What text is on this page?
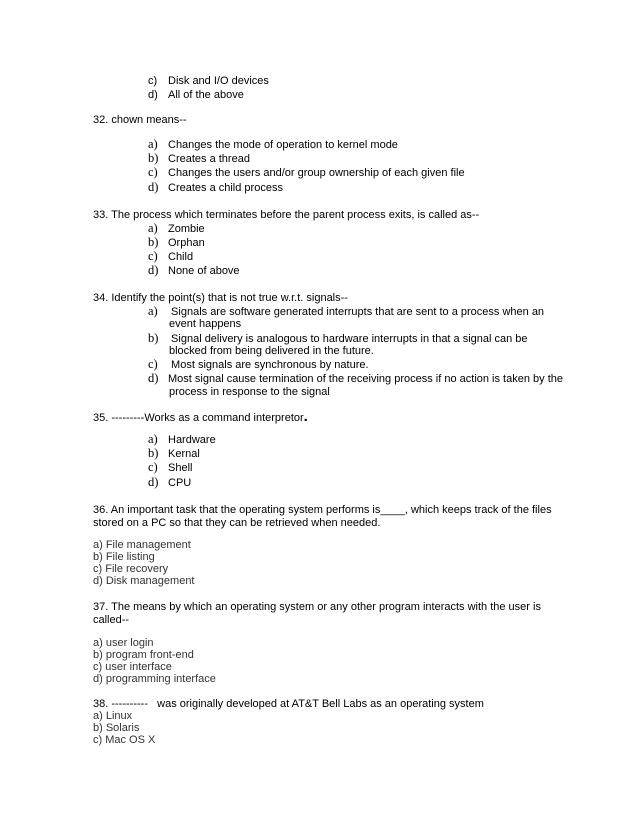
c) Disk and I/O devices
d) All of the above
32. chown means--
a) Changes the mode of operation to kernel mode
b) Creates a thread
c) Changes the users and/or group ownership of each given file
d) Creates a child process
33. The process which terminates before the parent process exits, is called as--
a) Zombie
b) Orphan
c) Child
d) None of above
34. Identify the point(s) that is not true w.r.t. signals--
a) Signals are software generated interrupts that are sent to a process when an
event happens
b) Signal delivery is analogous to hardware interrupts in that a signal can be
blocked from being delivered in the future.
c) Most signals are synchronous by nature.
d) Most signal cause termination of the receiving process if no action is taken by the
process in response to the signal
35. ---------Works as a command interpretor.
a) Hardware
b) Kernal
c) Shell
d) CPU
36. An important task that the operating system performs is____, which keeps track of the files
stored on a PC so that they can be retrieved when needed.
a) File management
b) File listing
c) File recovery
d) Disk management
37. The means by which an operating system or any other program interacts with the user is
called--
a) user login
b) program front-end
c) user interface
d) programming interface
38. ----------   was originally developed at AT&T Bell Labs as an operating system
a) Linux
b) Solaris
c) Mac OS X
